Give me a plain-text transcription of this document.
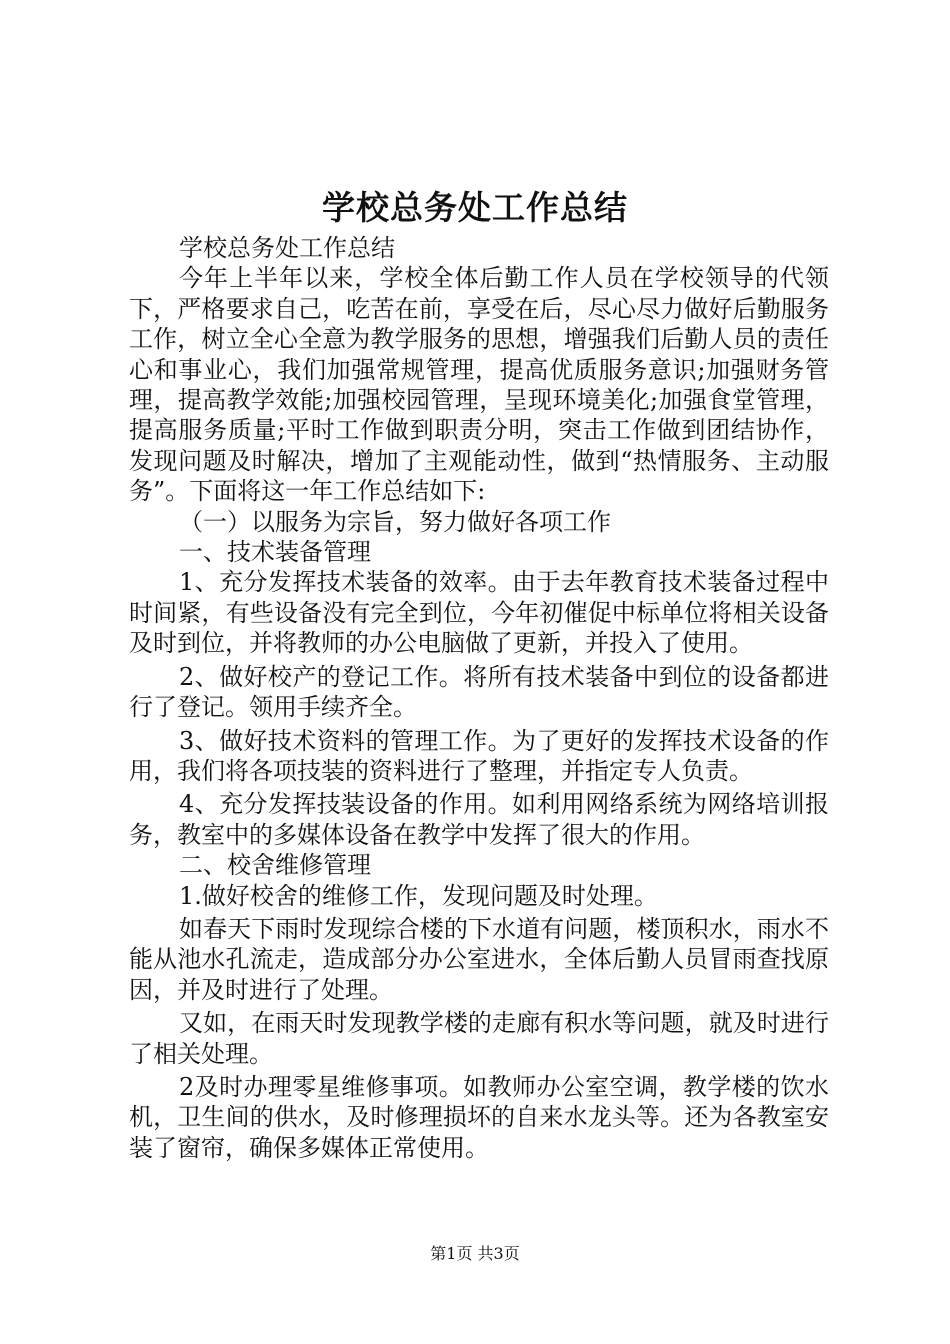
学校总务处工作总结

学校总务处工作总结

今年上半年以来，学校全体后勤工作人员在学校领导的代领下，严格要求自己，吃苦在前，享受在后，尽心尽力做好后勤服务工作，树立全心全意为教学服务的思想，增强我们后勤人员的责任心和事业心，我们加强常规管理，提高优质服务意识;加强财务管理，提高教学效能;加强校园管理，呈现环境美化;加强食堂管理，提高服务质量;平时工作做到职责分明，突击工作做到团结协作，发现问题及时解决，增加了主观能动性，做到“热情服务、主动服务”。下面将这一年工作总结如下:

（一）以服务为宗旨，努力做好各项工作

一、技术装备管理

1、充分发挥技术装备的效率。由于去年教育技术装备过程中时间紧，有些设备没有完全到位，今年初催促中标单位将相关设备及时到位，并将教师的办公电脑做了更新，并投入了使用。

2、做好校产的登记工作。将所有技术装备中到位的设备都进行了登记。领用手续齐全。

3、做好技术资料的管理工作。为了更好的发挥技术设备的作用，我们将各项技装的资料进行了整理，并指定专人负责。

4、充分发挥技装设备的作用。如利用网络系统为网络培训报务，教室中的多媒体设备在教学中发挥了很大的作用。

二、校舍维修管理

1.做好校舍的维修工作，发现问题及时处理。

如春天下雨时发现综合楼的下水道有问题，楼顶积水，雨水不能从池水孔流走，造成部分办公室进水，全体后勤人员冒雨查找原因，并及时进行了处理。

又如，在雨天时发现教学楼的走廊有积水等问题，就及时进行了相关处理。

2及时办理零星维修事项。如教师办公室空调，教学楼的饮水机，卫生间的供水，及时修理损坏的自来水龙头等。还为各教室安装了窗帘，确保多媒体正常使用。

第1页 共3页
